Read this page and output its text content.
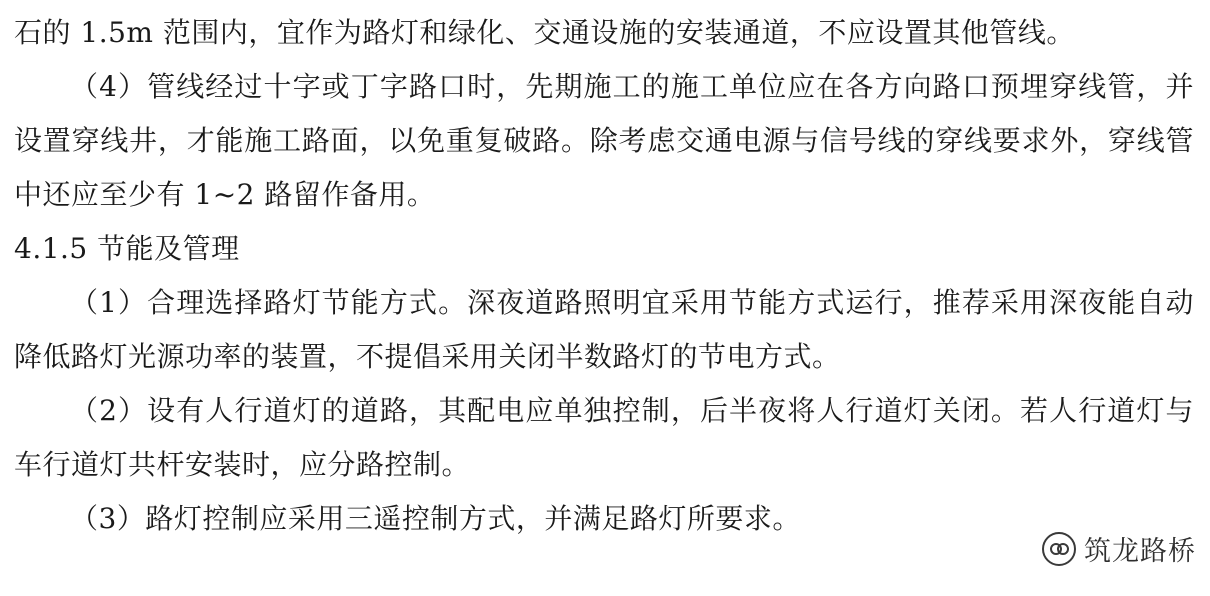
石的 1.5m 范围内，宜作为路灯和绿化、交通设施的安装通道，不应设置其他管线。

（4）管线经过十字或丁字路口时，先期施工的施工单位应在各方向路口预埋穿线管，并设置穿线井，才能施工路面，以免重复破路。除考虑交通电源与信号线的穿线要求外，穿线管中还应至少有 1~2 路留作备用。

4.1.5 节能及管理

（1）合理选择路灯节能方式。深夜道路照明宜采用节能方式运行，推荐采用深夜能自动降低路灯光源功率的装置，不提倡采用关闭半数路灯的节电方式。

（2）设有人行道灯的道路，其配电应单独控制，后半夜将人行道灯关闭。若人行道灯与车行道灯共杆安装时，应分路控制。

（3）路灯控制应采用三遥控制方式，并满足路灯所要求。

筑龙路桥
